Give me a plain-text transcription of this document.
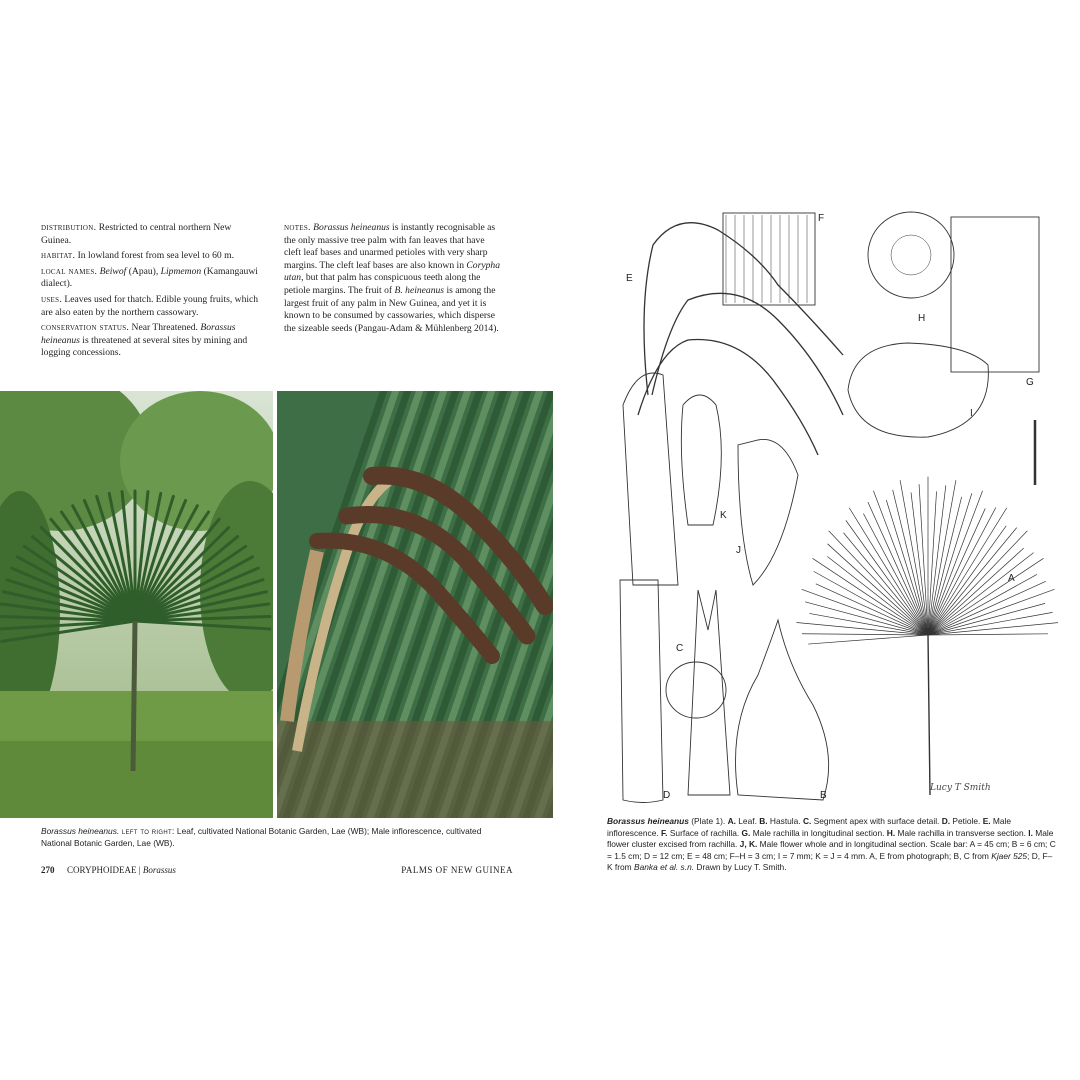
distribution. Restricted to central northern New Guinea.

habitat. In lowland forest from sea level to 60 m.

local names. Beiwof (Apau), Lipmemon (Kamangauwi dialect).

uses. Leaves used for thatch. Edible young fruits, which are also eaten by the northern cassowary.

conservation status. Near Threatened. Borassus heineanus is threatened at several sites by mining and logging concessions.

notes. Borassus heineanus is instantly recognisable as the only massive tree palm with fan leaves that have cleft leaf bases and unarmed petioles with very sharp margins. The cleft leaf bases are also known in Corypha utan, but that palm has conspicuous teeth along the petiole margins. The fruit of B. heineanus is among the largest fruit of any palm in New Guinea, and yet it is known to be consumed by cassowaries, which disperse the sizeable seeds (Pangau-Adam & Mühlenberg 2014).

Borassus heineanus. left to right: Leaf, cultivated National Botanic Garden, Lae (WB); Male inflorescence, cultivated National Botanic Garden, Lae (WB).
270 CORYPHOIDEAE | Borassus	PALMS OF NEW GUINEA
E
F
H
G
I
K
J
A
C
D	B
Lucy T Smith
Borassus heineanus (Plate 1). A. Leaf. B. Hastula. C. Segment apex with surface detail. D. Petiole. E. Male inflorescence. F. Surface of rachilla. G. Male rachilla in longitudinal section. H. Male rachilla in transverse section. I. Male flower cluster excised from rachilla. J, K. Male flower whole and in longitudinal section. Scale bar: A = 45 cm; B = 6 cm; C = 1.5 cm; D = 12 cm; E = 48 cm; F–H = 3 cm; I = 7 mm; K = J = 4 mm. A, E from photograph; B, C from Kjaer 525; D, F–K from Banka et al. s.n. Drawn by Lucy T. Smith.
